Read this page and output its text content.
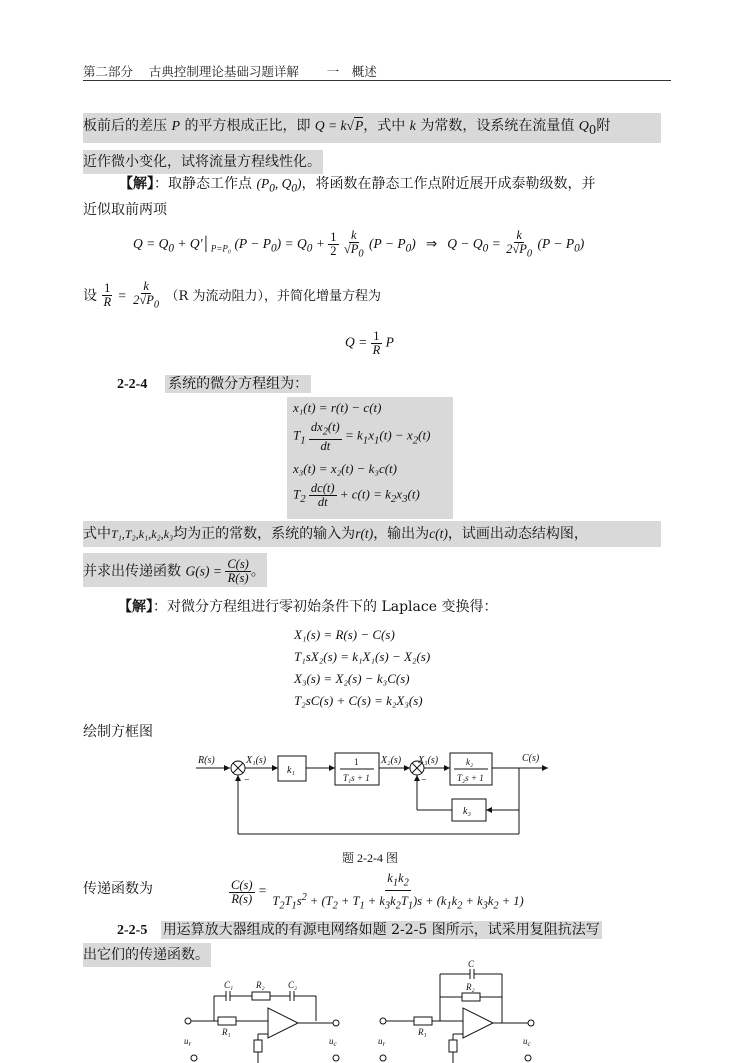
第二部分 古典控制理论基础习题详解 一　概述
板前后的差压 P 的平方根成正比，即 Q = k√P，式中 k 为常数，设系统在流量值 $Q_0$附
近作微小变化，试将流量方程线性化。
【解】：取静态工作点 ($P_0$, $Q_0$)，将函数在静态工作点附近展开成泰勒级数，并
近似取前两项
$Q = Q_0$ + $Q'│_{P=P_0}$ $(P - P_0) = Q_0 + \frac{1}{2}$
$\frac{k}{√P_0} (P - P_0)$   ⇒   $Q - Q_0 = \frac{k}{2√P_0} (P - P_0)$
设 $\frac{1}{R} = \frac{k}{2√P_0} (R$ 为流动阻力），并简化增量方程为
$Q = \frac{1}{R}$ P
2-2-4 系统的微分方程组为：
x₁(t) = r(t) − c(t)
$T_1 \frac{dx_2(t)}{dt} = k_1x_1(t) - x_2(t)$
x₃(t) = x₂(t) − k₃c(t)
$T_2 \frac{dc(t)}{dt} + c(t) = k_2x_3(t)$
式中T₁,T₂,k₁,k₂,k₃均为正的常数，系统的输入为r(t)，输出为c(t)，试画出动态结构图，
并求出传递函数 $G(s) = \frac{C(s)}{R(s)}$ 。
【解】：对微分方程组进行零初始条件下的 Laplace 变换得：
X₁(s) = R(s) − C(s)
T₁sX₂(s) = k₁X₁(s) − X₂(s)
X₃(s) = X₂(s) − k₃C(s)
T₂sC(s) + C(s) = k₂X₃(s)
绘制方框图
R(s)	C(s)
X₁(s)	X₂(s) X₃(s)
k₁
k₃
1
T₁s + 1
k₂
T₂s + 1
−	−
题 2-2-4 图
传递函数为	$\frac{C(s)}{R(s)} = \frac{k_1k_2}{T_2T_1s^2 + (T_2 + T_1 + k_3k_2T_1)s + (k_1k_2 + k_3k_2 + 1)}$
2-2-5 用运算放大器组成的有源电网络如题 2-2-5 图所示，试采用复阻抗法写
出它们的传递函数。
C₁	R₂	C₂
R₁
$u_r$	$u_c$
C
R₂
R₁
$u_r$	$u_c$
